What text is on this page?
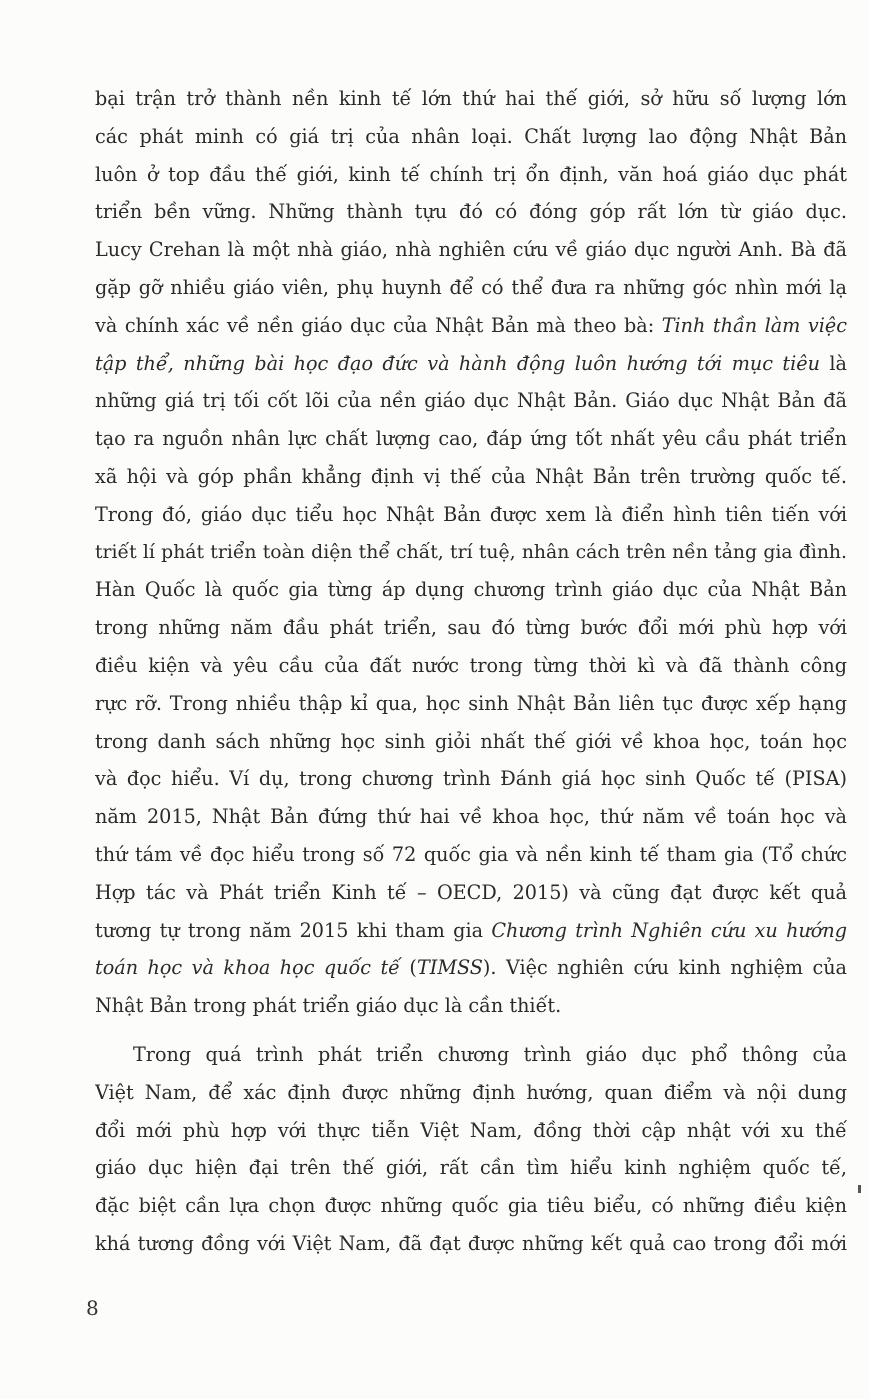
bại trận trở thành nền kinh tế lớn thứ hai thế giới, sở hữu số lượng lớn
các phát minh có giá trị của nhân loại. Chất lượng lao động Nhật Bản
luôn ở top đầu thế giới, kinh tế chính trị ổn định, văn hoá giáo dục phát
triển bền vững. Những thành tựu đó có đóng góp rất lớn từ giáo dục.
Lucy Crehan là một nhà giáo, nhà nghiên cứu về giáo dục người Anh. Bà đã
gặp gỡ nhiều giáo viên, phụ huynh để có thể đưa ra những góc nhìn mới lạ
và chính xác về nền giáo dục của Nhật Bản mà theo bà: Tinh thần làm việc
tập thể, những bài học đạo đức và hành động luôn hướng tới mục tiêu là
những giá trị tối cốt lõi của nền giáo dục Nhật Bản. Giáo dục Nhật Bản đã
tạo ra nguồn nhân lực chất lượng cao, đáp ứng tốt nhất yêu cầu phát triển
xã hội và góp phần khẳng định vị thế của Nhật Bản trên trường quốc tế.
Trong đó, giáo dục tiểu học Nhật Bản được xem là điển hình tiên tiến với
triết lí phát triển toàn diện thể chất, trí tuệ, nhân cách trên nền tảng gia đình.
Hàn Quốc là quốc gia từng áp dụng chương trình giáo dục của Nhật Bản
trong những năm đầu phát triển, sau đó từng bước đổi mới phù hợp với
điều kiện và yêu cầu của đất nước trong từng thời kì và đã thành công
rực rỡ. Trong nhiều thập kỉ qua, học sinh Nhật Bản liên tục được xếp hạng
trong danh sách những học sinh giỏi nhất thế giới về khoa học, toán học
và đọc hiểu. Ví dụ, trong chương trình Đánh giá học sinh Quốc tế (PISA)
năm 2015, Nhật Bản đứng thứ hai về khoa học, thứ năm về toán học và
thứ tám về đọc hiểu trong số 72 quốc gia và nền kinh tế tham gia (Tổ chức
Hợp tác và Phát triển Kinh tế – OECD, 2015) và cũng đạt được kết quả
tương tự trong năm 2015 khi tham gia Chương trình Nghiên cứu xu hướng
toán học và khoa học quốc tế (TIMSS). Việc nghiên cứu kinh nghiệm của
Nhật Bản trong phát triển giáo dục là cần thiết.
Trong quá trình phát triển chương trình giáo dục phổ thông của
Việt Nam, để xác định được những định hướng, quan điểm và nội dung
đổi mới phù hợp với thực tiễn Việt Nam, đồng thời cập nhật với xu thế
giáo dục hiện đại trên thế giới, rất cần tìm hiểu kinh nghiệm quốc tế,
đặc biệt cần lựa chọn được những quốc gia tiêu biểu, có những điều kiện
khá tương đồng với Việt Nam, đã đạt được những kết quả cao trong đổi mới
8
